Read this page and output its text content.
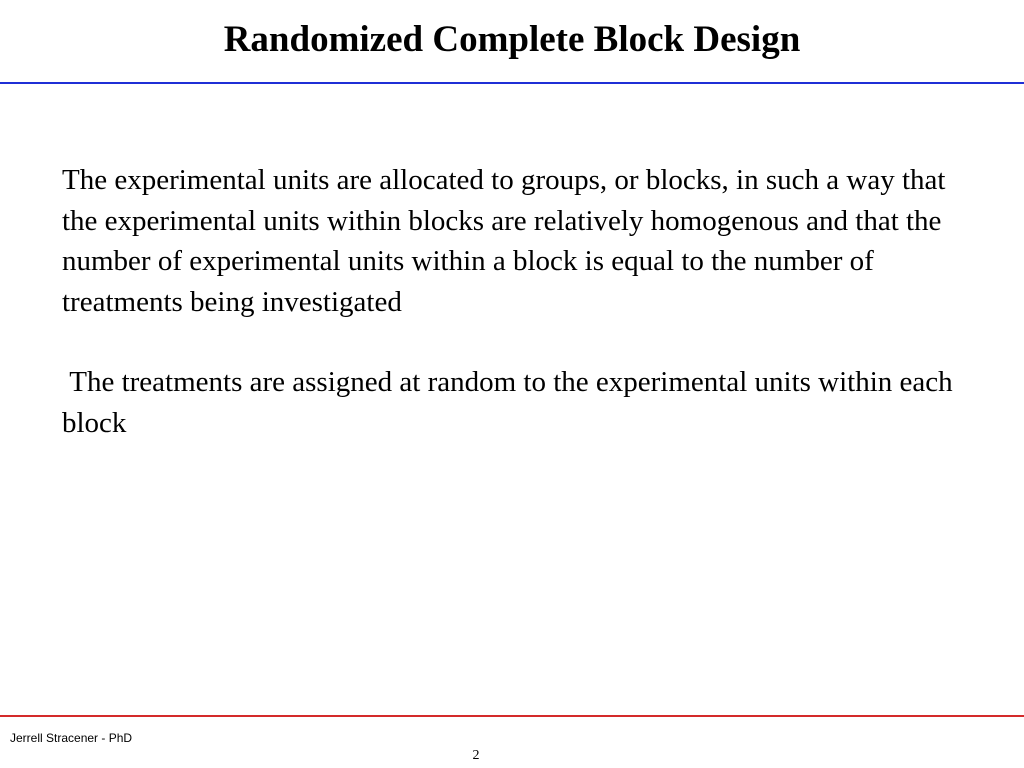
Randomized Complete Block Design

The experimental units are allocated to groups, or blocks, in such a way that the experimental units within blocks are relatively homogenous and that the number of experimental units within a block is equal to the number of treatments being investigated

The treatments are assigned at random to the experimental units within each block

Jerrell Stracener - PhD
2
